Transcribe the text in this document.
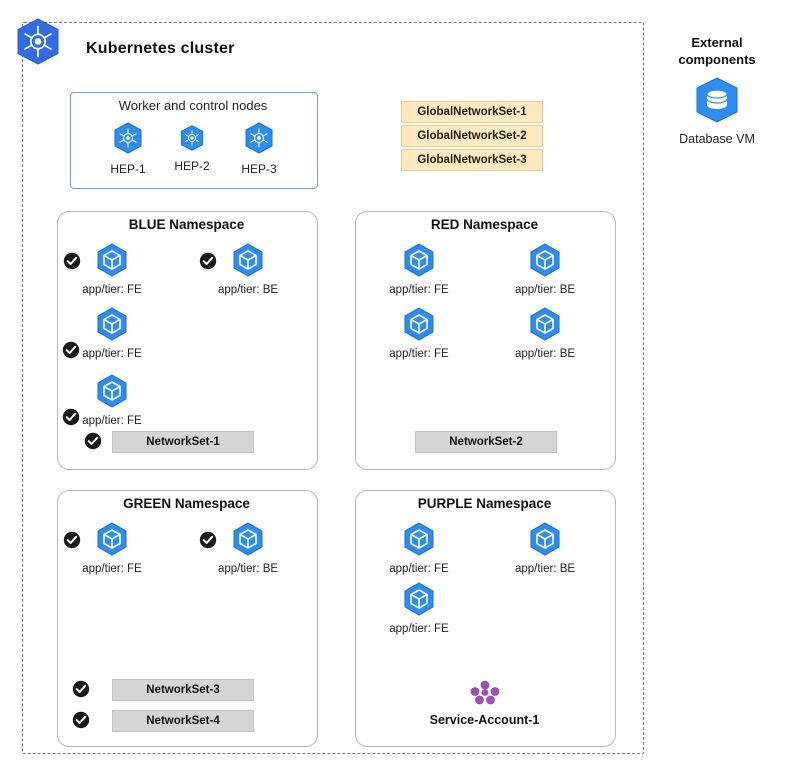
Kubernetes cluster
Worker and control nodes
HEP-1	HEP-2	HEP-3
GlobalNetworkSet-1
GlobalNetworkSet-2
GlobalNetworkSet-3
External
components
Database VM
BLUE Namespace
app/tier: FE	app/tier: BE
app/tier: FE
app/tier: FE
NetworkSet-1
RED Namespace
app/tier: FE	app/tier: BE
app/tier: FE	app/tier: BE
NetworkSet-2
GREEN Namespace
app/tier: FE	app/tier: BE
NetworkSet-3
NetworkSet-4
PURPLE Namespace
app/tier: FE	app/tier: BE
app/tier: FE
Service-Account-1
